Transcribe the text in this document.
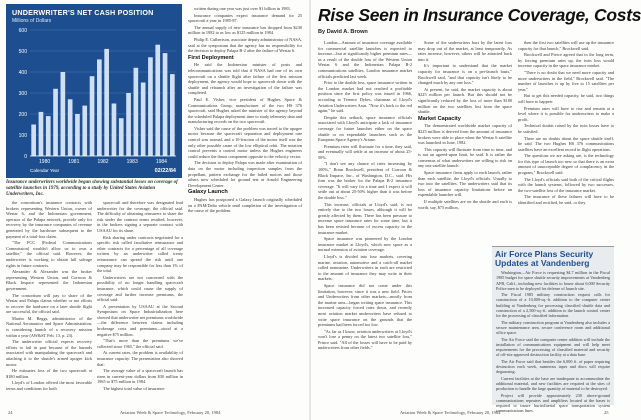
600
500
400
300
200
100
0
1980	1981	1982	1983	1984
Calendar Year	02/22/84
UNDERWRITER'S NET CASH POSITION
Millions of Dollars
Insurance underwriters worldwide began showing substantial losses on coverage of satellite launches in 1979, according to a study by United States Aviation Underwriters, Inc.

the consortium's insurance contracts with brokers representing Western Union, owner of Westar 6, and the Indonesian government, operator of the Palapa network, provide only for recovery by the insurance companies of revenue generated by the hardware subsequent to the payment of a total-loss claim.

"The FCC [Federal Communications Commission] wouldn't allow us to own a satellite," the official said. However, the underwriter is working to obtain full salvage rights in future contracts.

Alexander & Alexander was the broker representing Western Union, and Corroon & Black Inspace represented the Indonesian government.

The consortium will pay to share of the Westar and Palapa claims whether or not efforts to recover the hardware on a later shuttle flight are successful, the official said.

Martin M. Beggs, administrator of the National Aeronautics and Space Administration, is considering launch of a recovery mission within a year (AW&ST Feb. 13, p. 23).

The underwriter official expects recovery efforts to fail in part because of the hazards associated with manipulating the spacecraft and attaching it to the shuttle's armed apogee kick motor.

He estimates loss of the two spacecraft at $180 million.

Lloyd's of London offered the most favorable terms and conditions for both

spacecraft and therefore was designated lead underwriter for the coverage, the official said. The difficulty of obtaining reinsurers to share the risk under the contract terms resulted, however, in the brokers signing a separate contract with USAAU for its share.

Risk sharing under contracts negotiated for a specific risk called facultative reinsurance and other contracts for a percentage of all coverage written by an underwriter called treaty reinsurance can spread the risk until one company may be responsible for less than 1% of the total.

Underwriters are not concerned with the possibility of no longer handling spacecraft insurance, which could cause the supply of coverage and further increase premiums, the official said.

A presentation by USAAU at the Second Symposium on Space Industrialization here showed that underwriter net premiums worldwide—the difference between claims including brokerage costs and premiums—stood at a negative $75 million.

"That's more than the premiums we've collected since 1965," the official said.

At current rates, the problem is availability of insurance capacity. The presentation also showed that:

The average value of a spacecraft launch has risen in current-year dollars from $30 million in 1965 to $75 million in 1984.

The highest total value of insurance

written during one year was just over $1 billion in 1983.

Insurance companies expect insurance demand for 25 spacecraft a year in 1985-87.

The annual supply of new insurance has dropped from $230 million in 1982 to as low as $125 million in 1984.

Philip E. Culbertson, associate deputy administrator of NASA, said at the symposium that the agency has no responsibility for the decision to deploy Palapa B-2 after the failure of Westar 6.

First Deployment

He said the Indonesian minister of posts and telecommunications was told that if NASA had one of its own spacecraft on a shuttle flight after failure of the first mission deployment, the agency would hope to spacecraft down with the shuttle and relaunch after an investigation of the failure was completed.

Paul E. Visher, vice president of Hughes Space & Communications Group, manufacturer of the two HS 376 spacecraft, said Hughes asked the minister of the agency beyond the scheduled Palapa deployment time to study telemetry data and manufacturing records on the two spacecraft.

Visher said the cause of the problem was traced to the apogee motor because the spacecraft separation and deployment rate control was normal, and a 10-fraction of the motor itself was the only other possible cause of the low elliptical orbit. The notation control prevents a control motor unless the Hughes engineers could reduce the thrust component opposite to the velocity vector.

The decision to deploy Palapa was made after examination of data on the motor including inspection samples from the propellant, pattern exchange for the failed motors and those others now scheduled for ground test at Arnold Engineering Development Center.

Galaxy Launch

Hughes has postponed a Galaxy launch originally scheduled on a PAM/Delta vehicle until completion of the investigation of the cause of the problem.

24	Aviation Week & Space Technology, February 20, 1984
Rise Seen in Insurance Coverage, Costs
By David A. Brown

London—Amount of insurance coverage available for commercial satellite launches is expected to increase—but at significantly higher premium rates—as a result of the double loss of the Western Union Westar 6 and the Indonesian Palapa B-2 communications satellites, London insurance market officials predicted last week.

Prior to the double loss, space insurance written in the London market had not reached a profitable position since the first policy was issued in 1966, according to Terence Dykes, chairman of Lloyd's Aviation Underwriters Assn. "Now it's back to the red again," he said.

Despite this setback, space insurance officials associated with Lloyd's anticipate a lack of insurance coverage for future launches either on the space shuttle or on expendable launchers such as the European Space Agency's Ariane.

Premium rates will fluctuate for a time, they said, and eventually will settle at an increase of about 25-50%.

"I don't see any chance of rates increasing by 100%," Brian Brockwell, president of Corroon & Black Inspace, Inc., of Washington, D.C., said. His firm was the broker for the Palapa B-2 insurance coverage. "It will vary for a time and I expect it will settle out at about 25-50% higher than it was before the double loss."

This increase, officials at Lloyd's said, is not entirely due to the two losses, although it will be greatly affected by them. There has been pressure to increase space insurance rates for some time, but it has been resisted because of excess capacity in the insurance market.

Space insurance was pioneered by the London insurance market at Lloyd's, which now space as a normal extension of aviation coverage.

Lloyd's is divided into four markets, covering marine, aviation, automotive and a catch-all market called nonmarine. Underwriters in each are restricted to the amount of insurance they may write in their markets.

Space insurance did not come under this limitation, however, since it was a new field. Prices and Underwriters from other markets—mostly from the marine area—began writing space insurance. This increased capacity forced rates down, and recently most aviation market underwriters have refused to write space insurance on the grounds that the premiums had been forced too low.

"As far as I know, aviation underwriters at Lloyd's won't lose a penny on the latest two satellite loss," Prince said. "All of the losses will have to be paid by underwriters from other fields."

Some of the underwriters hurt by the latest loss may drop out of the market, at least temporarily. As rates increase, however, others will be attracted back into it.

It's important to understand that the market capacity for insurance is on a per-launch basis," Brockwell said, "and that capacity isn't likely to be changed much by any one loss."

At present, he said, the market capacity is about $225 million per launch. But this should not be significantly reduced by the loss of more than $180 million on the two satellites lost from the space shuttle.

Market Capacity

The demonstrated worldwide market capacity of $225 million is derived from the amount of insurance brokers were able to place when the Westar 6 satellite was launched in June, 1982.

This capacity will fluctuate from time to time, and is not an agreed-upon limit, he said. It is rather the consensus of what underwriters are willing to risk on any one satellite launch.

Space insurance firms apply to each launch, rather than each satellite, the Lloyd's officials. Usually to two into the satellites. The underwriters said that its loss of insurance capacity limitations before an expendable launcher will.

If multiple satellites are on the shuttle and each is worth, say, $75 million,

then the first two satellites will use up the insurance capacity for that launch," Brockwell said.

Brockwell and Pierce agreed that in the long term, by forcing premium rates up, the twin loss would increase capacity in the space insurance market.

"There is no doubt that we need more capacity and more underwriters in the field," Brockwell said. "The number of launches is up by five to 15 satellites per year."

But to get this needed capacity, he said, two things will have to happen:

Premium rates will have to rise and remain at a level where it is possible for underwriters to make a profit.

Technical doubts raised by the twin losses have to be satisfied.

There are no doubts about the space shuttle itself, he said. The two Hughes HS 376 communications satellites have an excellent record in flight operations.

The questions we are asking are, is the technology for this type of launch too new so that there is an extra amount of unacceptable degree of complacency in the program," Brockwell said.

The Lloyd's officials said both of the critical flights with the launch systems, followed by two successes, the two-satellite loss of the insurance market.

The insurance of these failures will have to be identified and rectified, he said, or they

Air Force Plans Security Updates at Vandenberg

Washington—Air Force is requesting $4.7 million in the Fiscal 1985 budget for space shuttle security improvements at Vandenberg AFB, Calif., including new facilities to house about 6,000 Security Police men to be deployed for defense of launch site.

The Fiscal 1985 military construction request calls for construction of a 10,000-sq.-ft. addition to the computer center building at Vandenberg for processing classified shuttle data and construction of a 2,500-sq.-ft. addition to the launch control center for the processing of classified information.

The military construction program at Vandenberg also includes a secure maintenance area, secure conference room and additional office space.

The Air Force said the computer center addition will include the installation of communications equipment and will help meet requirements for the processing of classified material and security of off-site approved destruction facility at a data base.

The Air Force said that besides the 6,000 ft. of paper requiring destruction each week, numerous tapes and discs will require degaussing.

Current facilities at the base are inadequate to accommodate the additional material, and new facilities are required at the sites of production to handle the large quantity of material to be destroyed.

Project will provide approximately 230 above-ground communications repeaters and amplifiers located at the bases is required to insure buried/aerial space transportation system communications lines.

Aviation Week & Space Technology, February 20, 1984	25
